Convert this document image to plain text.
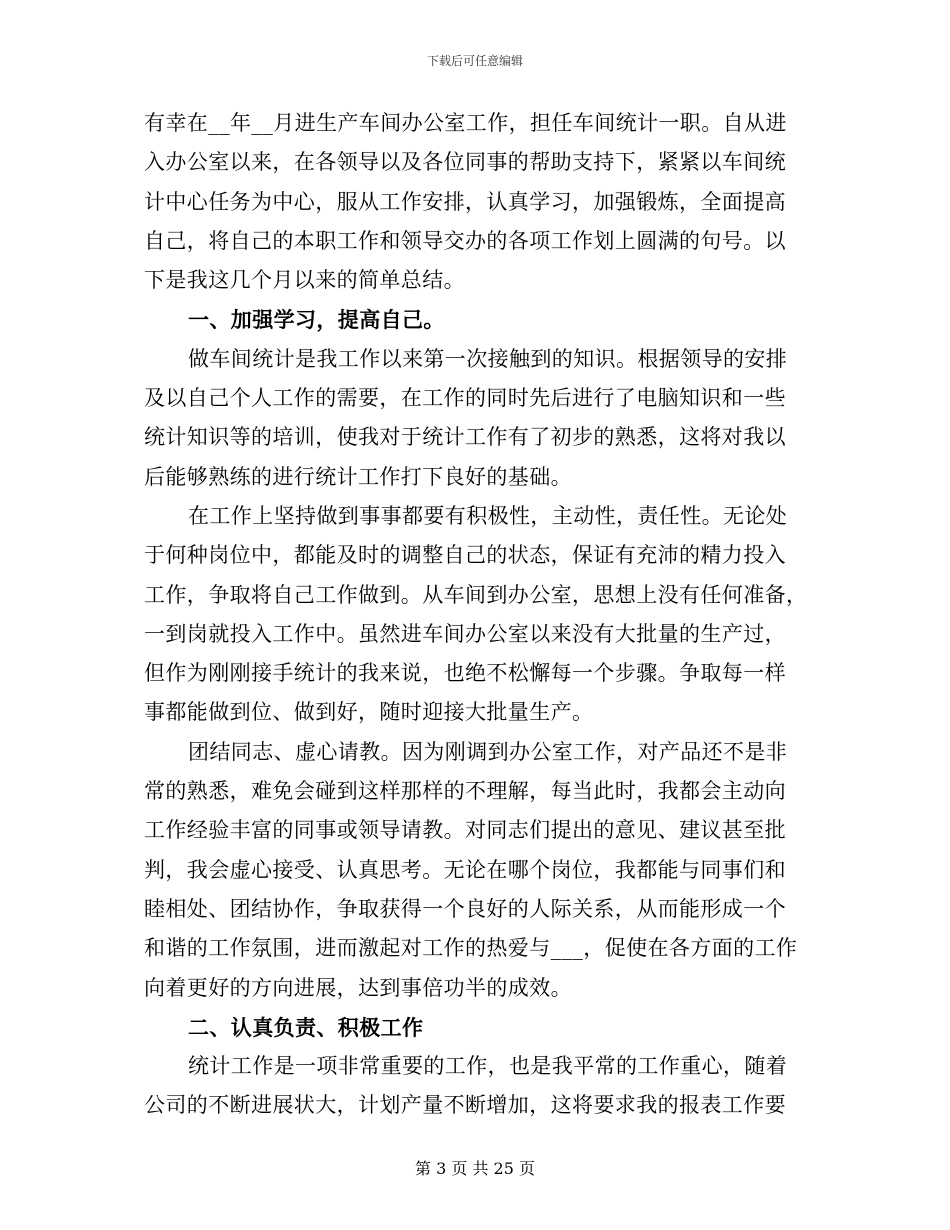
下载后可任意编辑
有幸在__年__月进生产车间办公室工作，担任车间统计一职。自从进
入办公室以来，在各领导以及各位同事的帮助支持下，紧紧以车间统
计中心任务为中心，服从工作安排，认真学习，加强锻炼，全面提高
自己，将自己的本职工作和领导交办的各项工作划上圆满的句号。以
下是我这几个月以来的简单总结。
一、加强学习，提高自己。
做车间统计是我工作以来第一次接触到的知识。根据领导的安排
及以自己个人工作的需要，在工作的同时先后进行了电脑知识和一些
统计知识等的培训，使我对于统计工作有了初步的熟悉，这将对我以
后能够熟练的进行统计工作打下良好的基础。
在工作上坚持做到事事都要有积极性，主动性，责任性。无论处
于何种岗位中，都能及时的调整自己的状态，保证有充沛的精力投入
工作，争取将自己工作做到。从车间到办公室，思想上没有任何准备，
一到岗就投入工作中。虽然进车间办公室以来没有大批量的生产过，
但作为刚刚接手统计的我来说，也绝不松懈每一个步骤。争取每一样
事都能做到位、做到好，随时迎接大批量生产。
团结同志、虚心请教。因为刚调到办公室工作，对产品还不是非
常的熟悉，难免会碰到这样那样的不理解，每当此时，我都会主动向
工作经验丰富的同事或领导请教。对同志们提出的意见、建议甚至批
判，我会虚心接受、认真思考。无论在哪个岗位，我都能与同事们和
睦相处、团结协作，争取获得一个良好的人际关系，从而能形成一个
和谐的工作氛围，进而激起对工作的热爱与___，促使在各方面的工作
向着更好的方向进展，达到事倍功半的成效。
二、认真负责、积极工作
统计工作是一项非常重要的工作，也是我平常的工作重心，随着
公司的不断进展状大，计划产量不断增加，这将要求我的报表工作要
第 3 页 共 25 页
